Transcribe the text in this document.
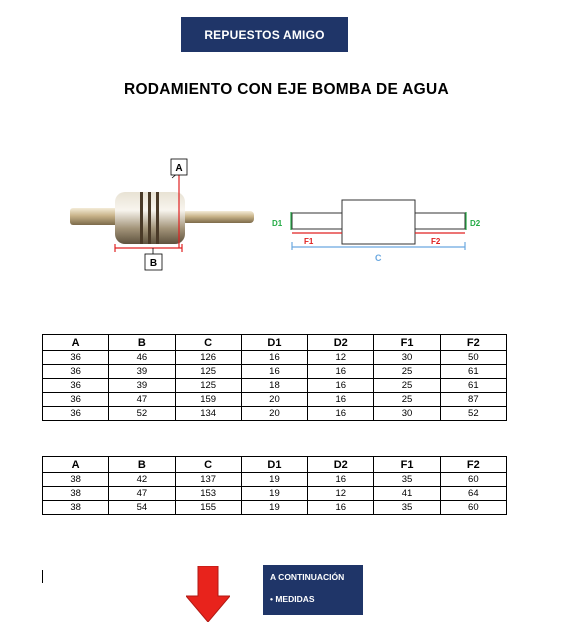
REPUESTOS AMIGO
RODAMIENTO CON EJE BOMBA DE AGUA
A
B
D1	D2
F1	F2
C
A	B	C	D1	D2	F1	F2
36	46	126	16	12	30	50
36	39	125	16	16	25	61
36	39	125	18	16	25	61
36	47	159	20	16	25	87
36	52	134	20	16	30	52
A	B	C	D1	D2	F1	F2
38	42	137	19	16	35	60
38	47	153	19	12	41	64
38	54	155	19	16	35	60
A CONTINUACIÓN
• MEDIDAS
